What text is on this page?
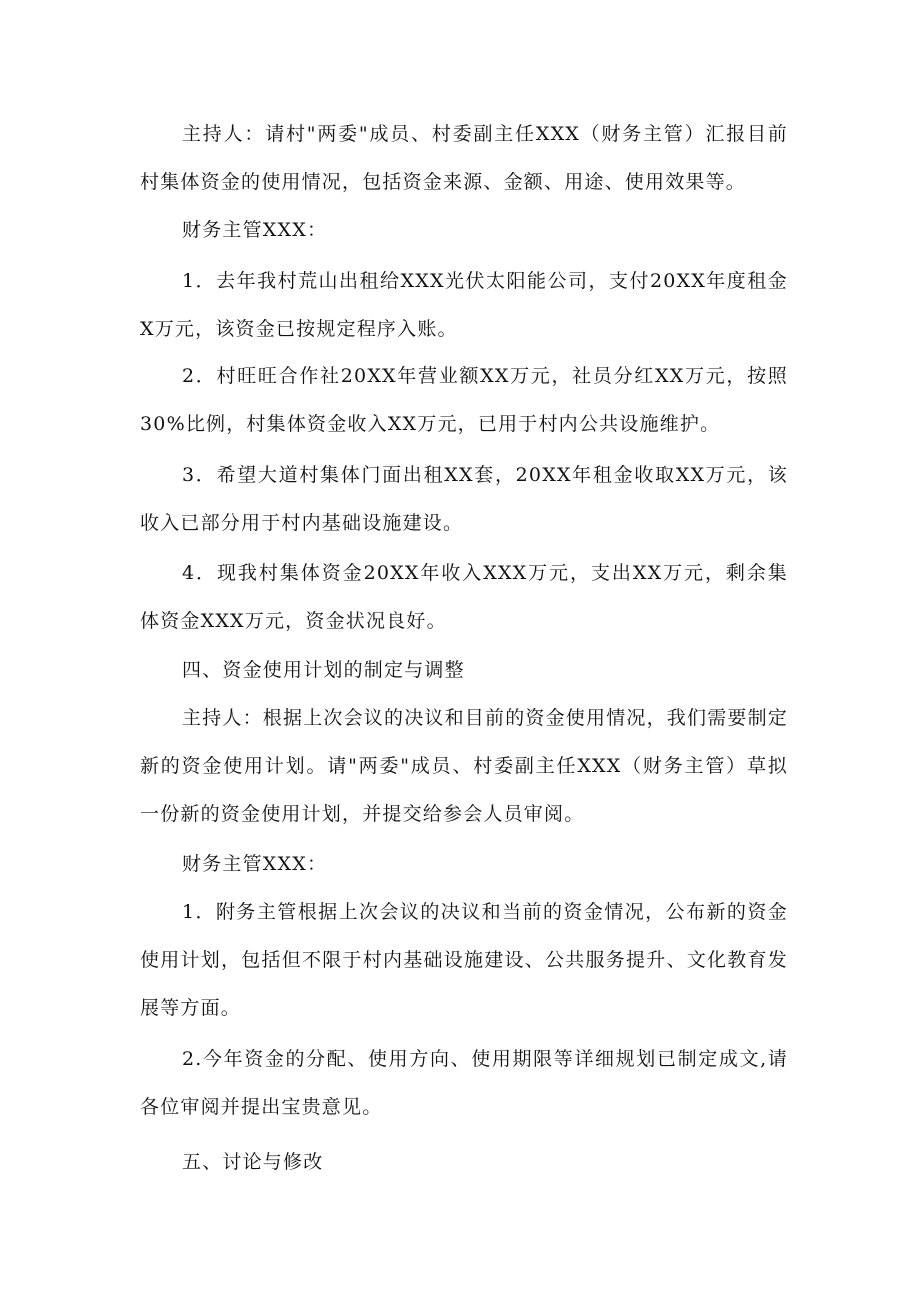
主持人：请村"两委"成员、村委副主任XXX（财务主管）汇报目前村集体资金的使用情况，包括资金来源、金额、用途、使用效果等。

财务主管XXX：

1．去年我村荒山出租给XXX光伏太阳能公司，支付20XX年度租金X万元，该资金已按规定程序入账。

2．村旺旺合作社20XX年营业额XX万元，社员分红XX万元，按照30%比例，村集体资金收入XX万元，已用于村内公共设施维护。

3．希望大道村集体门面出租XX套，20XX年租金收取XX万元，该收入已部分用于村内基础设施建设。

4．现我村集体资金20XX年收入XXX万元，支出XX万元，剩余集体资金XXX万元，资金状况良好。

四、资金使用计划的制定与调整

主持人：根据上次会议的决议和目前的资金使用情况，我们需要制定新的资金使用计划。请"两委"成员、村委副主任XXX（财务主管）草拟一份新的资金使用计划，并提交给参会人员审阅。

财务主管XXX：

1．附务主管根据上次会议的决议和当前的资金情况，公布新的资金使用计划，包括但不限于村内基础设施建设、公共服务提升、文化教育发展等方面。

2.今年资金的分配、使用方向、使用期限等详细规划已制定成文,请各位审阅并提出宝贵意见。

五、讨论与修改
